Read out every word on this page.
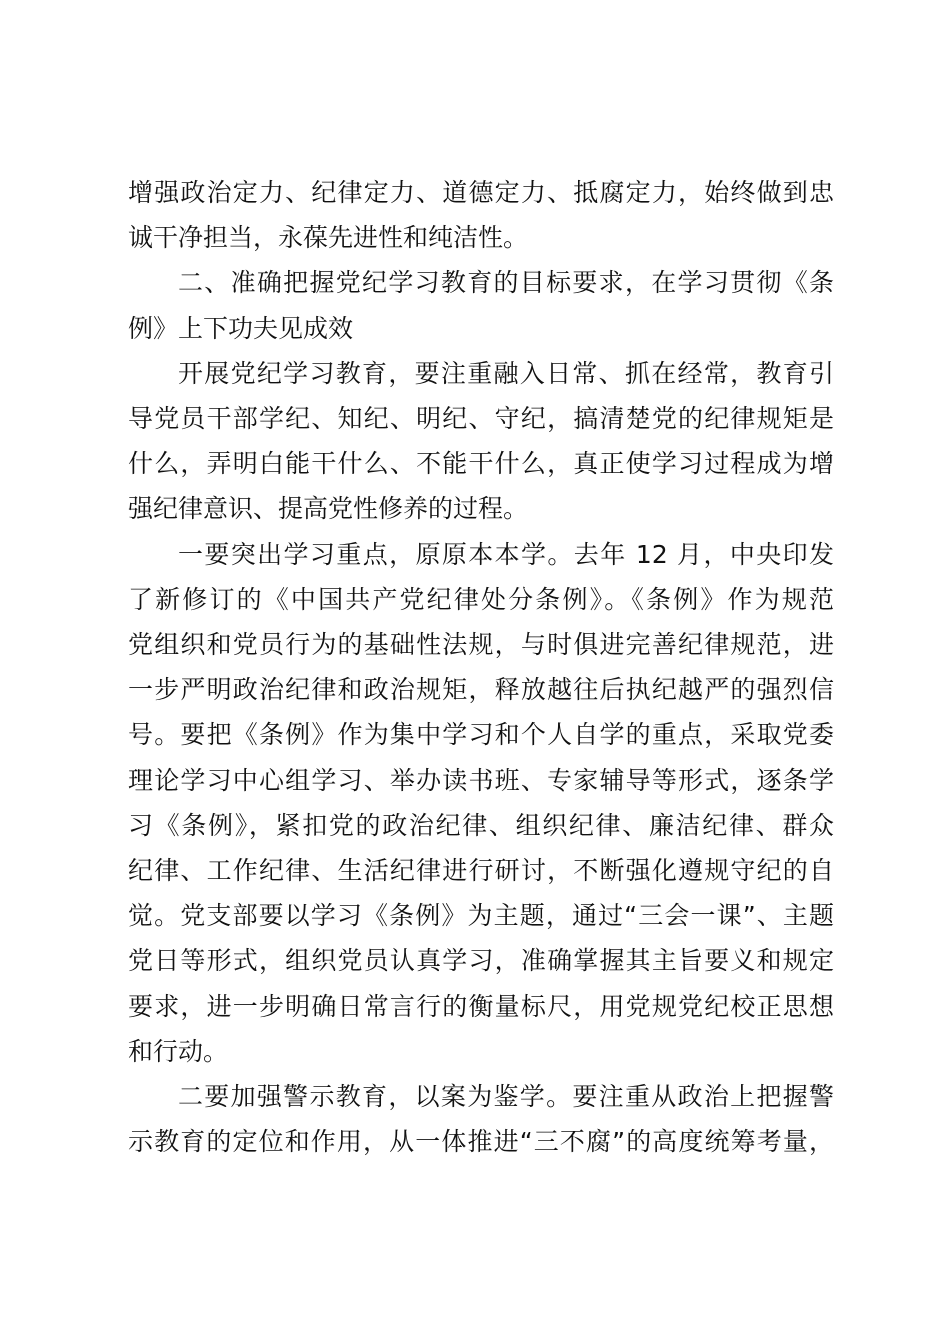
增强政治定力、纪律定力、道德定力、抵腐定力，始终做到忠
诚干净担当，永葆先进性和纯洁性。
二、准确把握党纪学习教育的目标要求，在学习贯彻《条
例》上下功夫见成效
开展党纪学习教育，要注重融入日常、抓在经常，教育引
导党员干部学纪、知纪、明纪、守纪，搞清楚党的纪律规矩是
什么，弄明白能干什么、不能干什么，真正使学习过程成为增
强纪律意识、提高党性修养的过程。
一要突出学习重点，原原本本学。去年 12 月，中央印发
了新修订的《中国共产党纪律处分条例》。《条例》作为规范
党组织和党员行为的基础性法规，与时俱进完善纪律规范，进
一步严明政治纪律和政治规矩，释放越往后执纪越严的强烈信
号。要把《条例》作为集中学习和个人自学的重点，采取党委
理论学习中心组学习、举办读书班、专家辅导等形式，逐条学
习《条例》，紧扣党的政治纪律、组织纪律、廉洁纪律、群众
纪律、工作纪律、生活纪律进行研讨，不断强化遵规守纪的自
觉。党支部要以学习《条例》为主题，通过“三会一课”、主题
党日等形式，组织党员认真学习，准确掌握其主旨要义和规定
要求，进一步明确日常言行的衡量标尺，用党规党纪校正思想
和行动。
二要加强警示教育，以案为鉴学。要注重从政治上把握警
示教育的定位和作用，从一体推进“三不腐”的高度统筹考量，
